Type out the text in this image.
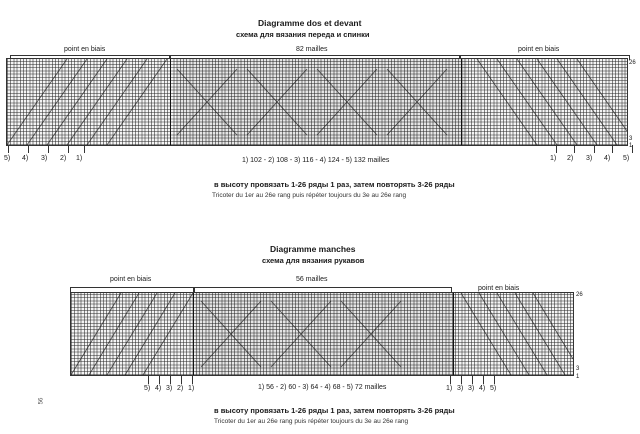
Diagramme dos et devant
схема для вязания переда и спинки
point en biais	82 mailles	point en biais
26
3
1
5) 4) 3) 2) 1)	1) 2) 3) 4) 5)
1) 102 - 2) 108 - 3) 116 - 4) 124 - 5) 132 mailles
в высоту провязать 1-26 ряды 1 раз, затем повторять 3-26 ряды
Tricoter du 1er au 26e rang puis répéter toujours du 3e au 26e rang
Diagramme manches
схема для вязания рукавов
point en biais	56 mailles
point en biais
26
3
1
5) 4) 3) 2) 1)	1) 3) 3) 4) 5)
1) 56 - 2) 60 - 3) 64 - 4) 68 - 5) 72 mailles
в высоту провязать 1-26 ряды 1 раз, затем повторять 3-26 ряды
Tricoter du 1er au 26e rang puis répéter toujours du 3e au 26e rang
56
